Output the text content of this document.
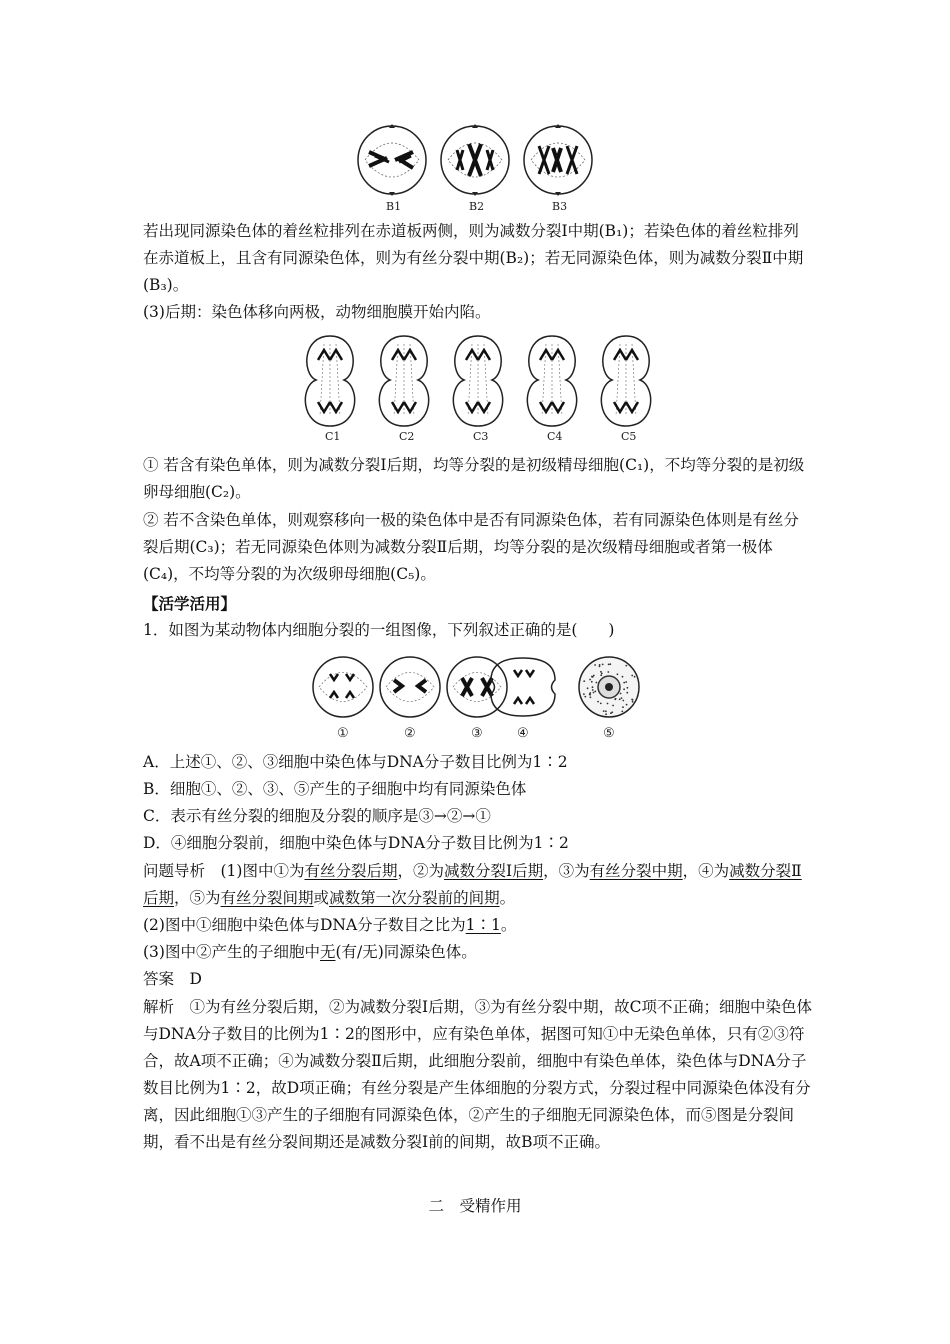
B1	B2	B3

若出现同源染色体的着丝粒排列在赤道板两侧，则为减数分裂Ⅰ中期(B₁)；若染色体的着丝粒排列在赤道板上，且含有同源染色体，则为有丝分裂中期(B₂)；若无同源染色体，则为减数分裂Ⅱ中期(B₃)。

(3)后期：染色体移向两极，动物细胞膜开始内陷。
C1	C2	C3	C4	C5

① 若含有染色单体，则为减数分裂Ⅰ后期，均等分裂的是初级精母细胞(C₁)，不均等分裂的是初级卵母细胞(C₂)。

② 若不含染色单体，则观察移向一极的染色体中是否有同源染色体，若有同源染色体则是有丝分裂后期(C₃)；若无同源染色体则为减数分裂Ⅱ后期，均等分裂的是次级精母细胞或者第一极体(C₄)，不均等分裂的为次级卵母细胞(C₅)。

【活学活用】
1．如图为某动物体内细胞分裂的一组图像，下列叙述正确的是(　　)
①	②	③	④	⑤
A．上述①、②、③细胞中染色体与DNA分子数目比例为1∶2
B．细胞①、②、③、⑤产生的子细胞中均有同源染色体
C．表示有丝分裂的细胞及分裂的顺序是③→②→①
D．④细胞分裂前，细胞中染色体与DNA分子数目比例为1∶2

问题导析　(1)图中①为有丝分裂后期，②为减数分裂Ⅰ后期，③为有丝分裂中期，④为减数分裂Ⅱ后期，⑤为有丝分裂间期或减数第一次分裂前的间期。

(2)图中①细胞中染色体与DNA分子数目之比为1∶1。
(3)图中②产生的子细胞中无(有/无)同源染色体。
答案　D

解析　①为有丝分裂后期，②为减数分裂Ⅰ后期，③为有丝分裂中期，故C项不正确；细胞中染色体与DNA分子数目的比例为1∶2的图形中，应有染色单体，据图可知①中无染色单体，只有②③符合，故A项不正确；④为减数分裂Ⅱ后期，此细胞分裂前，细胞中有染色单体，染色体与DNA分子数目比例为1∶2，故D项正确；有丝分裂是产生体细胞的分裂方式，分裂过程中同源染色体没有分离，因此细胞①③产生的子细胞有同源染色体，②产生的子细胞无同源染色体，而⑤图是分裂间期，看不出是有丝分裂间期还是减数分裂Ⅰ前的间期，故B项不正确。

二　受精作用
